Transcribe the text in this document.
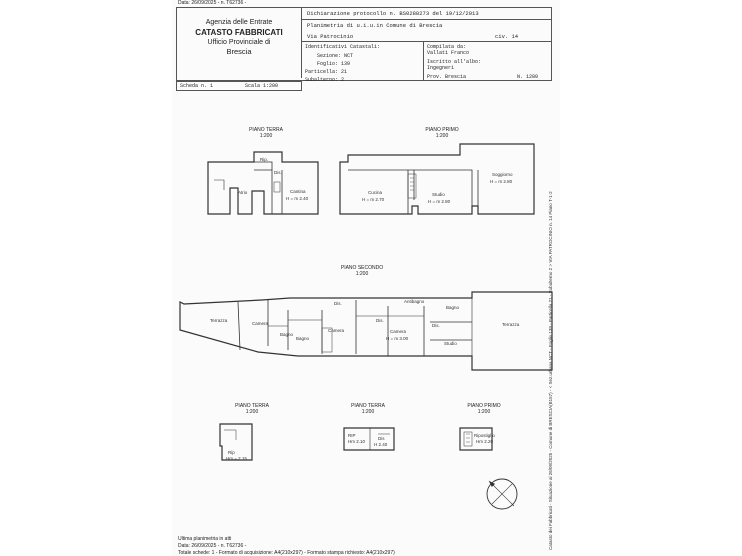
Data: 26/09/2025 - n. T62736 -
Agenzia delle Entrate
CATASTO FABBRICATI
Ufficio Provinciale di
Brescia
Dichiarazione protocollo n. BS0288273 del 19/12/2013
Planimetria di u.i.u.in Comune di Brescia
Via Patrocinio	civ. 14
Identificativi Catastali:
Sezione: NCT
Foglio: 139
Particella: 21
Subalterno: 2
Compilata da:
Vallati Franco
Iscritto all'albo:
Ingegneri
Prov. Brescia	N. 1280
Scheda n. 1	Scala 1:200
PIANO TERRA
1:200
PIANO PRIMO
1:200
PIANO SECONDO
1:200
PIANO TERRA
1:200
PIANO TERRA
1:200
PIANO PRIMO
1:200
Rip.
Atrio
Dis.
Cantina
H = m 2.40
Cucina
H = m 2.70
Studio
H = m 2.80
Soggiorno
H = m 2.80
Terrazza
Camera
Bagno
Bagno
Camera
Dis.
Dis.
Camera
H = m 3.00
Antibagno
Bagno
Dis.
Studio
Terrazza
Rip
Hm = 2.15
RIP
Hm 2.10
Dis
H 2.40
Ripostiglio
Hm 2.20
Ultima planimetria in atti
Data: 26/09/2025 - n. T62736 -
Totale schede: 1 - Formato di acquisizione: A4(210x297) - Formato stampa richiesto: A4(210x297)
Catasto dei Fabbricati - Situazione al 26/09/2025 - Comune di BRESCIA(B157) - < Sez.urbana NCT - Foglio 139 - Particella 21 - Subalterno 2 > VIA PATROCINIO n. 14 Piano T-1-2
